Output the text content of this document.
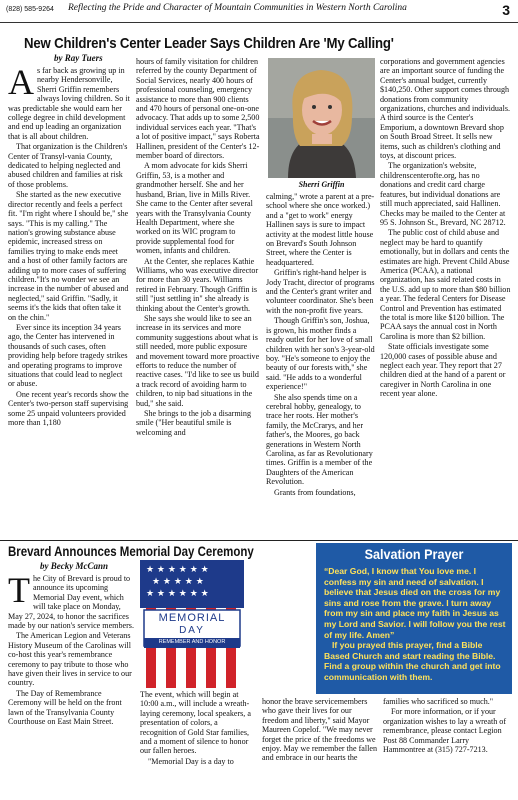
(828) 585-9264 Reflecting the Pride and Character of Mountain Communities in Western North Carolina	3
New Children's Center Leader Says Children Are 'My Calling'
by Ray Tuers

As far back as growing up in nearby Hendersonville, Sherri Griffin remembers always loving children. So it was predictable she would earn her college degree in child development and end up leading an organization that is all about children.

That organization is the Children's Center of Transyl-vania County, dedicated to helping neglected and abused children and families at risk of those problems.

She started as the new executive director recently and feels a perfect fit. "I'm right where I should be," she says. "This is my calling." The nation's growing substance abuse epidemic, increased stress on families trying to make ends meet and a host of other family factors are adding up to more cases of suffering children."It's no wonder we see an increase in the number of abused and neglected," said Griffin. "Sadly, it seems it's the kids that often take it on the chin."

Ever since its inception 34 years ago, the Center has intervened in thousands of such cases, often providing help before tragedy strikes and operating programs to improve situations that could lead to neglect or abuse.

One recent year's records show the Center's two-person staff supervising some 25 unpaid volunteers provided more than 1,180

hours of family visitation for children referred by the county Department of Social Services, nearly 400 hours of professional counseling, emergency assistance to more than 900 clients and 470 hours of personal one-on-one advocacy. That adds up to some 2,500 individual services each year. "That's a lot of positive impact," says Roberta Hallinen, president of the Center's 12-member board of directors.

A mom advocate for kids Sherri Griffin, 53, is a mother and grandmother herself. She and her husband, Brian, live in Mills River. She came to the Center after several years with the Transylvania County Health Department, where she worked on its WIC program to provide supplemental food for women, infants and children.

At the Center, she replaces Kathie Williams, who was executive director for more than 30 years. Williams retired in February. Though Griffin is still "just settling in" she already is thinking about the Center's growth.

She says she would like to see an increase in its services and more community suggestions about what is still needed, more public exposure and movement toward more proactive efforts to reduce the number of reactive cases. "I'd like to see us build a track record of avoiding harm to children, to nip bad situations in the bud," she said.

She brings to the job a disarming smile ("Her beautiful smile is welcoming and

Sherri Griffin

calming," wrote a parent at a pre-school where she once worked.) and a "get to work" energy Hallinen says is sure to impact activity at the modest little house on Brevard's South Johnson Street, where the Center is headquartered.

Griffin's right-hand helper is Jody Tracht, director of programs and the Center's grant writer and volunteer coordinator. She's been with the non-profit five years.

Though Griffin's son, Joshua, is grown, his mother finds a ready outlet for her love of small children with her son's 3-year-old boy. "He's someone to enjoy the beauty of our forests with," she said. "He adds to a wonderful experience!"

She also spends time on a cerebral hobby, genealogy, to trace her roots. Her mother's family, the McCrarys, and her father's, the Moores, go back generations in Western North Carolina, as far as Revolutionary times. Griffin is a member of the Daughters of the American Revolution.

Grants from foundations,

corporations and government agencies are an important source of funding the Center's annual budget, currently $140,250. Other support comes through donations from community organizations, churches and individuals. A third source is the Center's Emporium, a downtown Brevard shop on South Broad Street. It sells new items, such as children's clothing and toys, at discount prices.

The organization's website, childrenscenterofte.org, has no donations and credit card charge features, but individual donations are still much appreciated, said Hallinen. Checks may be mailed to the Center at 95 S. Johnson St., Brevard, NC 28712.

The public cost of child abuse and neglect may be hard to quantify emotionally, but in dollars and cents the estimates are high. Prevent Child Abuse America (PCAA), a national organization, has said related costs in the U.S. add up to more than $80 billion a year. The federal Centers for Disease Control and Prevention has estimated the total is more like $120 billion. The PCAA says the annual cost in North Carolina is more than $2 billion.

State officials investigate some 120,000 cases of possible abuse and neglect each year. They report that 27 children died at the hand of a parent or caregiver in North Carolina in one recent year alone.

Brevard Announces Memorial Day Ceremony
by Becky McCann

The City of Brevard is proud to announce its upcoming Memorial Day event, which will take place on Monday, May 27, 2024, to honor the sacrifices made by our nation's service members.

The American Legion and Veterans History Museum of the Carolinas will co-host this year's remembrance ceremony to pay tribute to those who have given their lives in service to our country.

The Day of Remembrance Ceremony will be held on the front lawn of the Transylvania County Courthouse on East Main Street.

★ ★ ★ ★ ★ ★
★ ★ ★ ★ ★
★ ★ ★ ★ ★ ★
MEMORIAL
DAY
REMEMBER AND HONOR

The event, which will begin at 10:00 a.m., will include a wreath-laying ceremony, local speakers, a presentation of colors, a recognition of Gold Star families, and a moment of silence to honor our fallen heroes.

"Memorial Day is a day to

honor the brave servicemembers who gave their lives for our freedom and liberty," said Mayor Maureen Copelof. "We may never forget the price of the freedoms we enjoy. May we remember the fallen and embrace in our hearts the

families who sacrificed so much."

For more information, or if your organization wishes to lay a wreath of remembrance, please contact Legion Post 88 Commander Larry Hammontree at (315) 727-7213.

Salvation Prayer

“Dear God, I know that You love me. I confess my sin and need of salvation. I believe that Jesus died on the cross for my sins and rose from the grave. I turn away from my sin and place my faith in Jesus as my Lord and Savior. I will follow you the rest of my life. Amen”

If you prayed this prayer, find a Bible Based Church and start reading the Bible. Find a group within the church and get into communication with them.
